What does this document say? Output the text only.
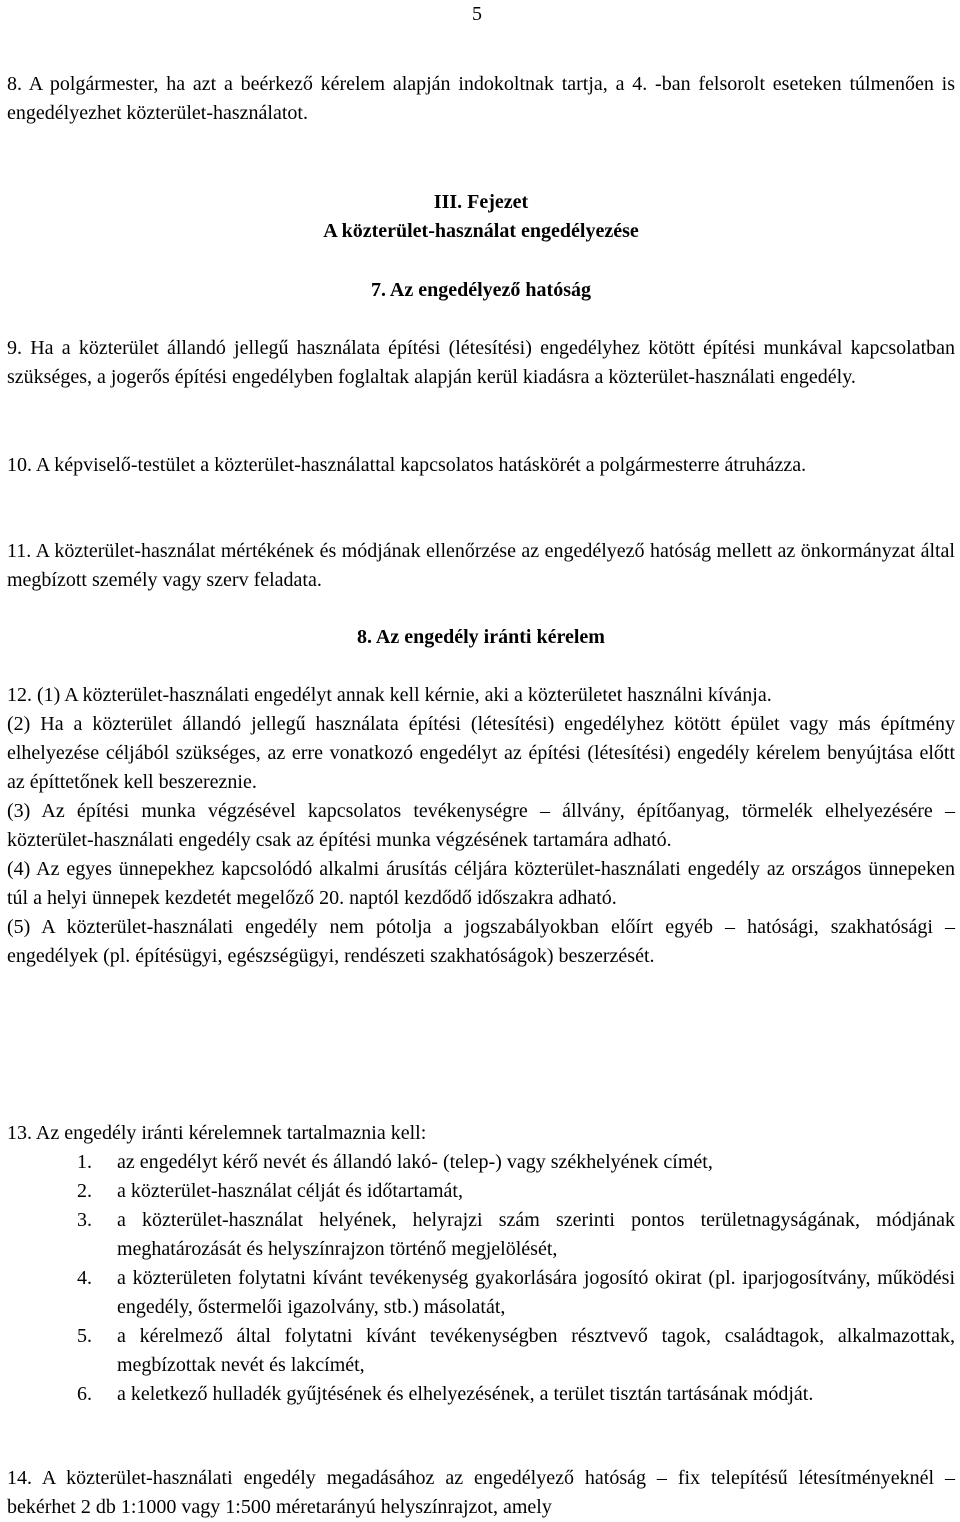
5

8. A polgármester, ha azt a beérkező kérelem alapján indokoltnak tartja, a 4. -ban felsorolt eseteken túlmenően is engedélyezhet közterület-használatot.

III. Fejezet

A közterület-használat engedélyezése

7. Az engedélyező hatóság

9. Ha a közterület állandó jellegű használata építési (létesítési) engedélyhez kötött építési munkával kapcsolatban szükséges, a jogerős építési engedélyben foglaltak alapján kerül kiadásra a közterület-használati engedély.

10. A képviselő-testület a közterület-használattal kapcsolatos hatáskörét a polgármesterre átruházza.

11. A közterület-használat mértékének és módjának ellenőrzése az engedélyező hatóság mellett az önkormányzat által megbízott személy vagy szerv feladata.

8. Az engedély iránti kérelem

12. (1) A közterület-használati engedélyt annak kell kérnie, aki a közterületet használni kívánja.

(2) Ha a közterület állandó jellegű használata építési (létesítési) engedélyhez kötött épület vagy más építmény elhelyezése céljából szükséges, az erre vonatkozó engedélyt az építési (létesítési) engedély kérelem benyújtása előtt az építtetőnek kell beszereznie.

(3) Az építési munka végzésével kapcsolatos tevékenységre – állvány, építőanyag, törmelék elhelyezésére – közterület-használati engedély csak az építési munka végzésének tartamára adható.

(4) Az egyes ünnepekhez kapcsolódó alkalmi árusítás céljára közterület-használati engedély az országos ünnepeken túl a helyi ünnepek kezdetét megelőző 20. naptól kezdődő időszakra adható.

(5) A közterület-használati engedély nem pótolja a jogszabályokban előírt egyéb – hatósági, szakhatósági – engedélyek (pl. építésügyi, egészségügyi, rendészeti szakhatóságok) beszerzését.

13. Az engedély iránti kérelemnek tartalmaznia kell:

1. az engedélyt kérő nevét és állandó lakó- (telep-) vagy székhelyének címét,
2. a közterület-használat célját és időtartamát,
3. a közterület-használat helyének, helyrajzi szám szerinti pontos területnagyságának, módjának meghatározását és helyszínrajzon történő megjelölését,
4. a közterületen folytatni kívánt tevékenység gyakorlására jogosító okirat (pl. iparjogosítvány, működési engedély, őstermelői igazolvány, stb.) másolatát,
5. a kérelmező által folytatni kívánt tevékenységben résztvevő tagok, családtagok, alkalmazottak, megbízottak nevét és lakcímét,
6. a keletkező hulladék gyűjtésének és elhelyezésének, a terület tisztán tartásának módját.

14. A közterület-használati engedély megadásához az engedélyező hatóság – fix telepítésű létesítményeknél – bekérhet 2 db 1:1000 vagy 1:500 méretarányú helyszínrajzot, amely
